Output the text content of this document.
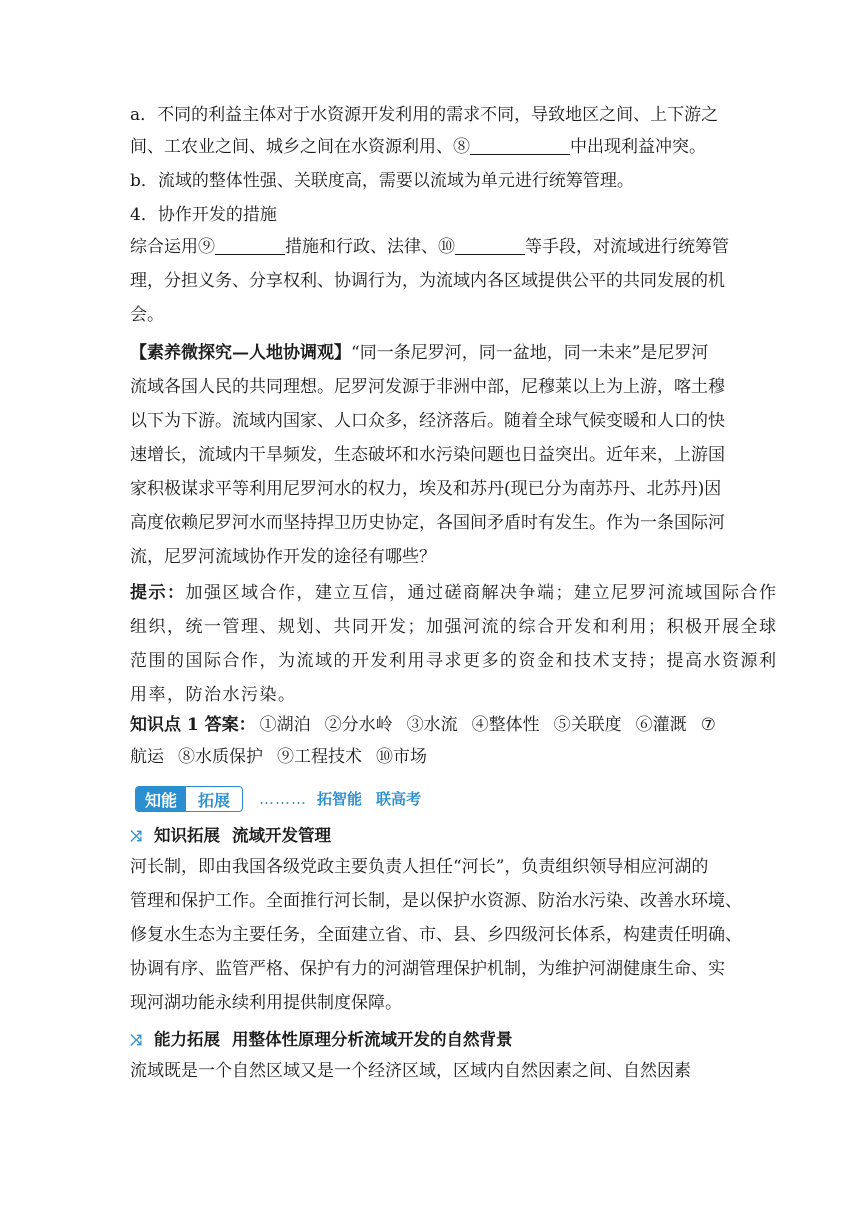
a．不同的利益主体对于水资源开发利用的需求不同，导致地区之间、上下游之
间、工农业之间、城乡之间在水资源利用、⑧	中出现利益冲突。
b．流域的整体性强、关联度高，需要以流域为单元进行统筹管理。
4．协作开发的措施
综合运用⑨	措施和行政、法律、⑩	等手段，对流域进行统筹管
理，分担义务、分享权利、协调行为，为流域内各区域提供公平的共同发展的机
会。
【素养微探究—人地协调观】“同一条尼罗河，同一盆地，同一未来”是尼罗河
流域各国人民的共同理想。尼罗河发源于非洲中部，尼穆莱以上为上游，喀土穆
以下为下游。流域内国家、人口众多，经济落后。随着全球气候变暖和人口的快
速增长，流域内干旱频发，生态破坏和水污染问题也日益突出。近年来，上游国
家积极谋求平等利用尼罗河水的权力，埃及和苏丹(现已分为南苏丹、北苏丹)因
高度依赖尼罗河水而坚持捍卫历史协定，各国间矛盾时有发生。作为一条国际河
流，尼罗河流域协作开发的途径有哪些？
提示：加强区域合作，建立互信，通过磋商解决争端；建立尼罗河流域国际合作
组织，统一管理、规划、共同开发；加强河流的综合开发和利用；积极开展全球
范围的国际合作，为流域的开发利用寻求更多的资金和技术支持；提高水资源利
用率，防治水污染。
知识点 1 答案： ①湖泊 ②分水岭 ③水流 ④整体性 ⑤关联度 ⑥灌溉 ⑦
航运 ⑧水质保护 ⑨工程技术 ⑩市场
知能	拓展	……… 拓智能 联高考
⤨ 知识拓展 流域开发管理
河长制，即由我国各级党政主要负责人担任“河长”，负责组织领导相应河湖的
管理和保护工作。全面推行河长制，是以保护水资源、防治水污染、改善水环境、
修复水生态为主要任务，全面建立省、市、县、乡四级河长体系，构建责任明确、
协调有序、监管严格、保护有力的河湖管理保护机制，为维护河湖健康生命、实
现河湖功能永续利用提供制度保障。
⤨ 能力拓展 用整体性原理分析流域开发的自然背景
流域既是一个自然区域又是一个经济区域，区域内自然因素之间、自然因素
